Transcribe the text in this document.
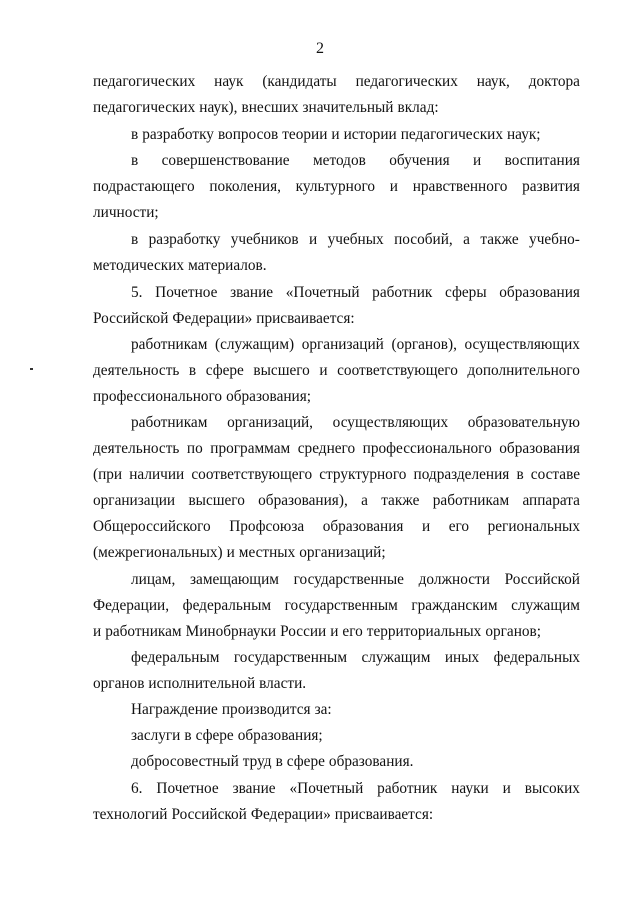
2
педагогических наук (кандидаты педагогических наук, доктора
педагогических наук), внесших значительный вклад:
в разработку вопросов теории и истории педагогических наук;
в совершенствование методов обучения и воспитания
подрастающего поколения, культурного и нравственного развития
личности;
в разработку учебников и учебных пособий, а также учебно-
методических материалов.
5. Почетное звание «Почетный работник сферы образования
Российской Федерации» присваивается:
работникам (служащим) организаций (органов), осуществляющих
деятельность в сфере высшего и соответствующего дополнительного
профессионального образования;
работникам организаций, осуществляющих образовательную
деятельность по программам среднего профессионального образования
(при наличии соответствующего структурного подразделения в составе
организации высшего образования), а также работникам аппарата
Общероссийского Профсоюза образования и его региональных
(межрегиональных) и местных организаций;
лицам, замещающим государственные должности Российской
Федерации, федеральным государственным гражданским служащим
и работникам Минобрнауки России и его территориальных органов;
федеральным государственным служащим иных федеральных
органов исполнительной власти.
Награждение производится за:
заслуги в сфере образования;
добросовестный труд в сфере образования.
6. Почетное звание «Почетный работник науки и высоких
технологий Российской Федерации» присваивается:
